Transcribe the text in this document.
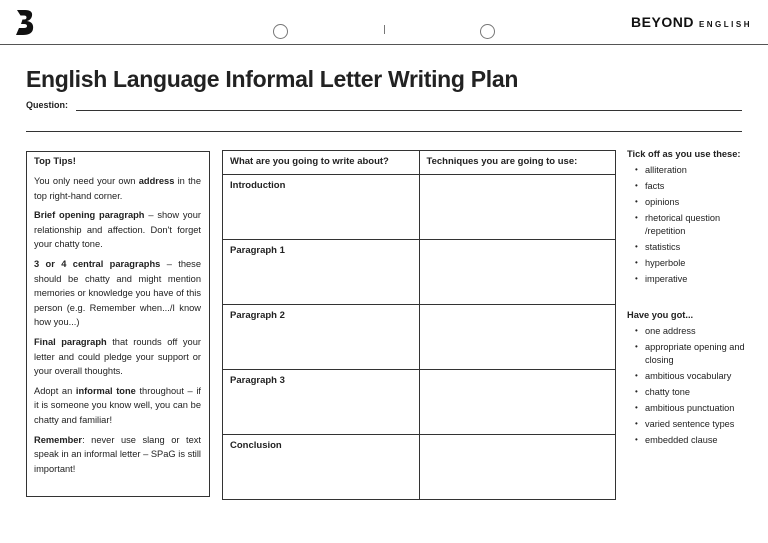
BEYOND ENGLISH
English Language Informal Letter Writing Plan
Question:
Top Tips!

You only need your own address in the top right-hand corner.

Brief opening paragraph – show your relationship and affection. Don't forget your chatty tone.

3 or 4 central paragraphs – these should be chatty and might mention memories or knowledge you have of this person (e.g. Remember when.../I know how you...)

Final paragraph that rounds off your letter and could pledge your support or your overall thoughts.

Adopt an informal tone throughout – if it is someone you know well, you can be chatty and familiar!

Remember: never use slang or text speak in an informal letter – SPaG is still important!

What are you going to write about?	Techniques you are going to use:
Introduction	
Paragraph 1	
Paragraph 2	
Paragraph 3	
Conclusion	
Tick off as you use these:
• alliteration
• facts
• opinions
• rhetorical question /repetition
• statistics
• hyperbole
• imperative
Have you got...
• one address
• appropriate opening and closing
• ambitious vocabulary
• chatty tone
• ambitious punctuation
• varied sentence types
• embedded clause
